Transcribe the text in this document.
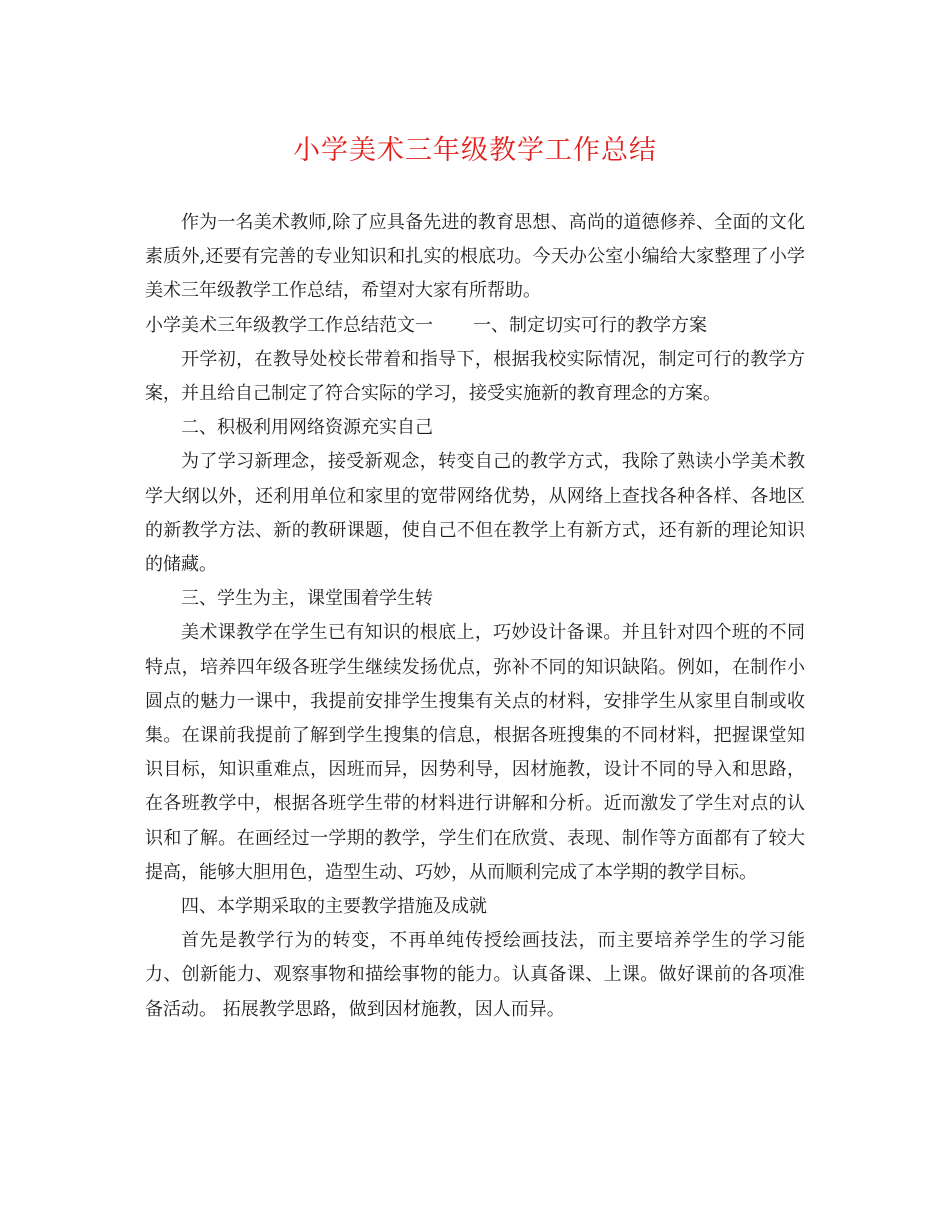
小学美术三年级教学工作总结

作为一名美术教师,除了应具备先进的教育思想、高尚的道德修养、全面的文化素质外,还要有完善的专业知识和扎实的根底功。今天办公室小编给大家整理了小学美术三年级教学工作总结，希望对大家有所帮助。

小学美术三年级教学工作总结范文一 一、制定切实可行的教学方案

开学初，在教导处校长带着和指导下，根据我校实际情况，制定可行的教学方案，并且给自己制定了符合实际的学习，接受实施新的教育理念的方案。

二、积极利用网络资源充实自己

为了学习新理念，接受新观念，转变自己的教学方式，我除了熟读小学美术教学大纲以外，还利用单位和家里的宽带网络优势，从网络上查找各种各样、各地区的新教学方法、新的教研课题，使自己不但在教学上有新方式，还有新的理论知识的储藏。

三、学生为主，课堂围着学生转

美术课教学在学生已有知识的根底上，巧妙设计备课。并且针对四个班的不同特点，培养四年级各班学生继续发扬优点，弥补不同的知识缺陷。例如，在制作小圆点的魅力一课中，我提前安排学生搜集有关点的材料，安排学生从家里自制或收集。在课前我提前了解到学生搜集的信息，根据各班搜集的不同材料，把握课堂知识目标，知识重难点，因班而异，因势利导，因材施教，设计不同的导入和思路，在各班教学中，根据各班学生带的材料进行讲解和分析。近而激发了学生对点的认识和了解。在画经过一学期的教学，学生们在欣赏、表现、制作等方面都有了较大提高，能够大胆用色，造型生动、巧妙，从而顺利完成了本学期的教学目标。

四、本学期采取的主要教学措施及成就

首先是教学行为的转变，不再单纯传授绘画技法，而主要培养学生的学习能力、创新能力、观察事物和描绘事物的能力。认真备课、上课。做好课前的各项准备活动。 拓展教学思路，做到因材施教，因人而异。
